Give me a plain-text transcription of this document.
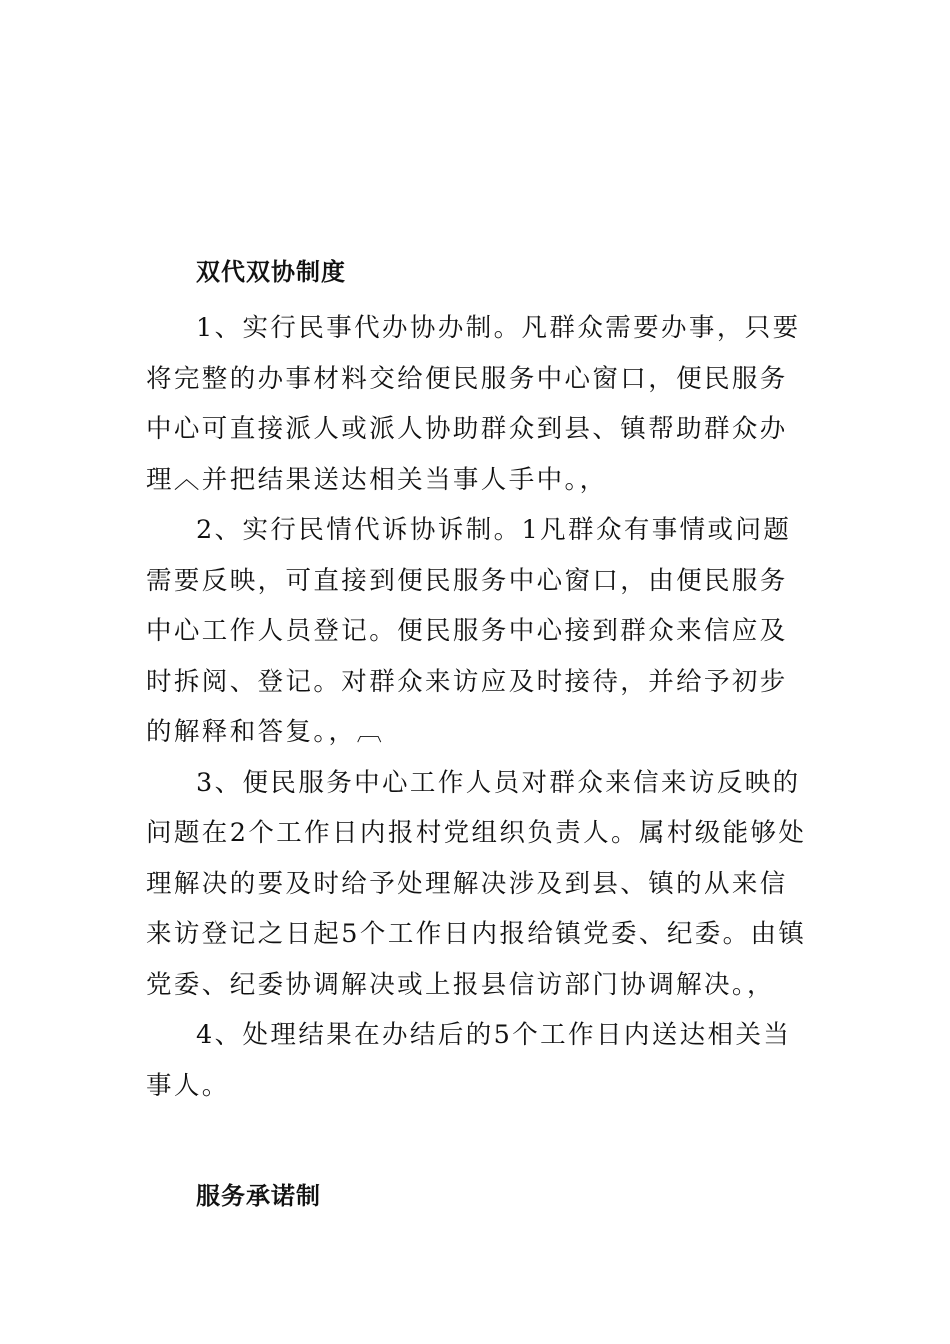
双代双协制度

1、实行民事代办协办制。凡群众需要办事，只要将完整的办事材料交给便民服务中心窗口，便民服务中心可直接派人或派人协助群众到县、镇帮助群众办理︿并把结果送达相关当事人手中。，

2、实行民情代诉协诉制。1凡群众有事情或问题需要反映，可直接到便民服务中心窗口，由便民服务中心工作人员登记。便民服务中心接到群众来信应及时拆阅、登记。对群众来访应及时接待，并给予初步的解释和答复。，︹

3、便民服务中心工作人员对群众来信来访反映的问题在2个工作日内报村党组织负责人。属村级能够处理解决的要及时给予处理解决涉及到县、镇的从来信来访登记之日起5个工作日内报给镇党委、纪委。由镇党委、纪委协调解决或上报县信访部门协调解决。，

4、处理结果在办结后的5个工作日内送达相关当事人。

服务承诺制
